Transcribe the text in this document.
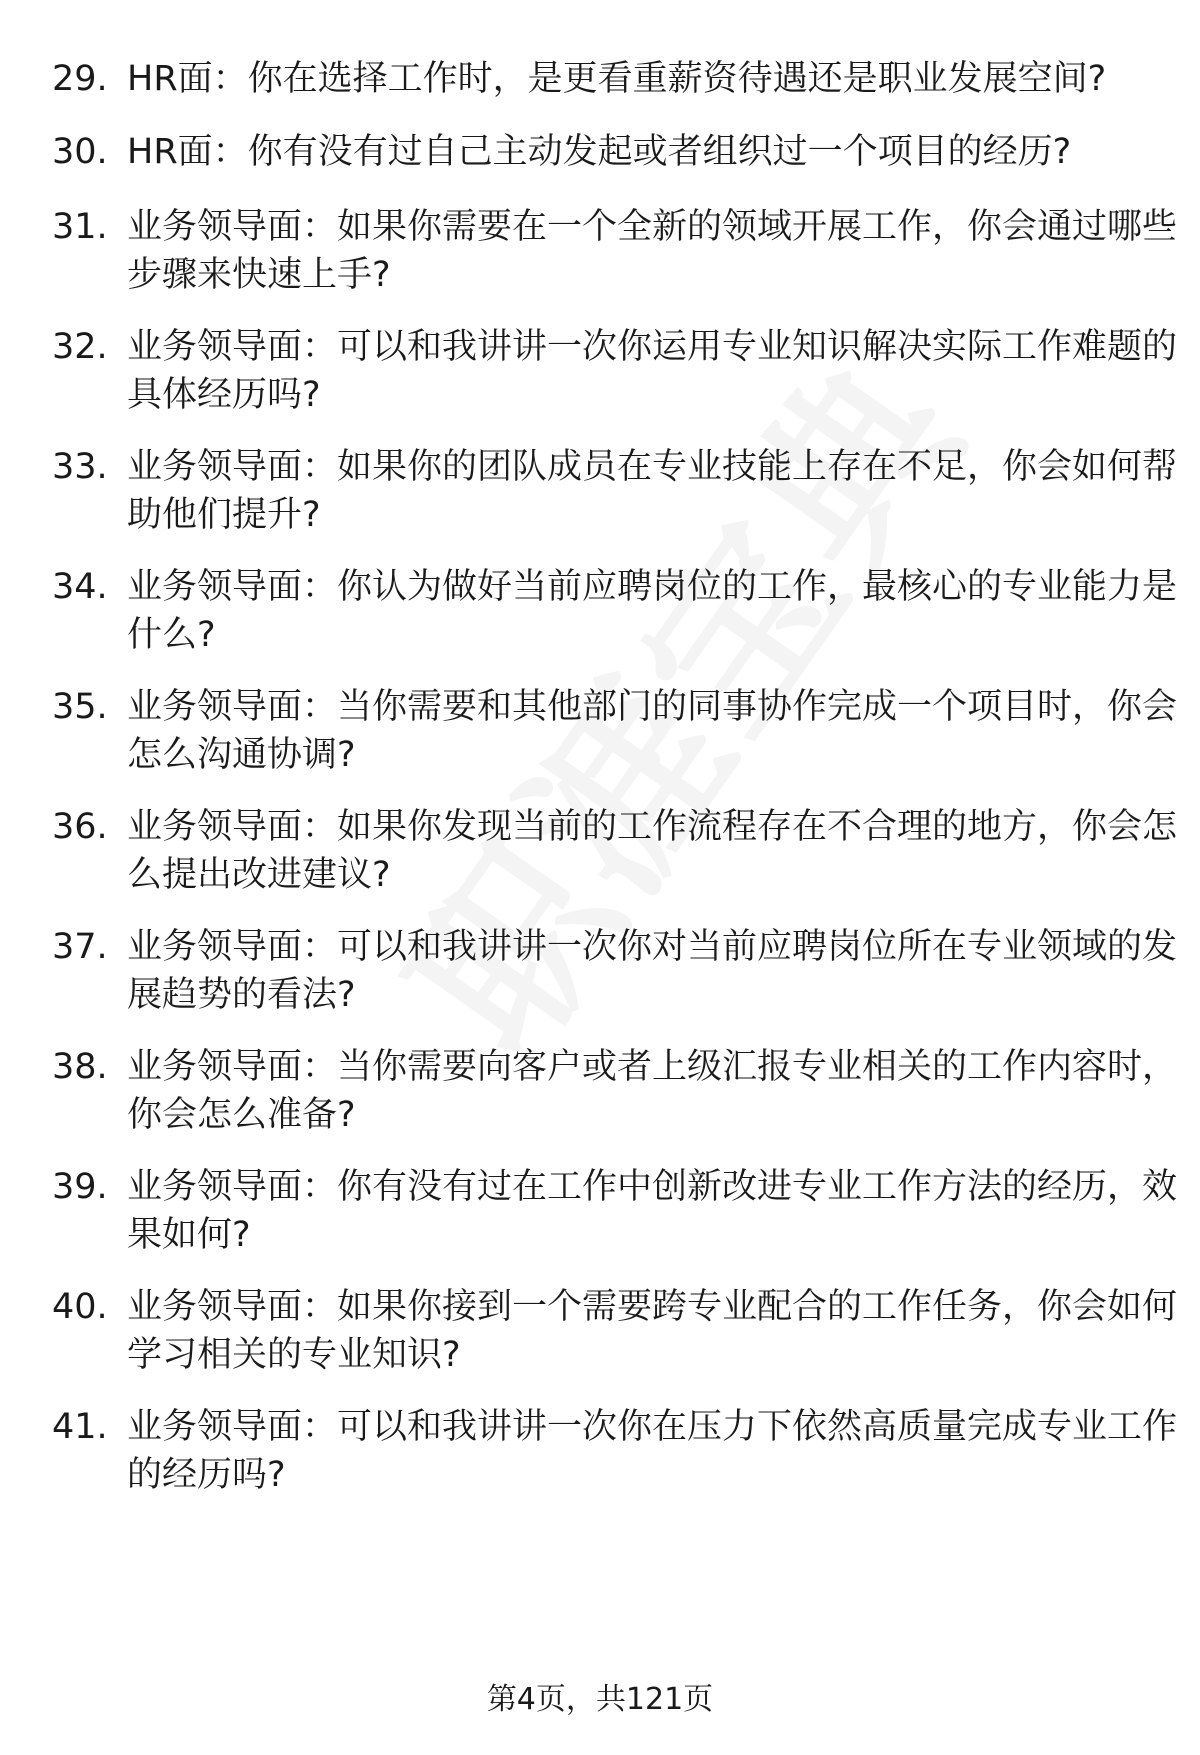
29. HR面：你在选择工作时，是更看重薪资待遇还是职业发展空间?
30. HR面：你有没有过自己主动发起或者组织过一个项目的经历?
31. 业务领导面：如果你需要在一个全新的领域开展工作，你会通过哪些步骤来快速上手?
32. 业务领导面：可以和我讲讲一次你运用专业知识解决实际工作难题的具体经历吗?
33. 业务领导面：如果你的团队成员在专业技能上存在不足，你会如何帮助他们提升?
34. 业务领导面：你认为做好当前应聘岗位的工作，最核心的专业能力是什么?
35. 业务领导面：当你需要和其他部门的同事协作完成一个项目时，你会怎么沟通协调?
36. 业务领导面：如果你发现当前的工作流程存在不合理的地方，你会怎么提出改进建议?
37. 业务领导面：可以和我讲讲一次你对当前应聘岗位所在专业领域的发展趋势的看法?
38. 业务领导面：当你需要向客户或者上级汇报专业相关的工作内容时，你会怎么准备?
39. 业务领导面：你有没有过在工作中创新改进专业工作方法的经历，效果如何?
40. 业务领导面：如果你接到一个需要跨专业配合的工作任务，你会如何学习相关的专业知识?
41. 业务领导面：可以和我讲讲一次你在压力下依然高质量完成专业工作的经历吗?
第4页，共121页
